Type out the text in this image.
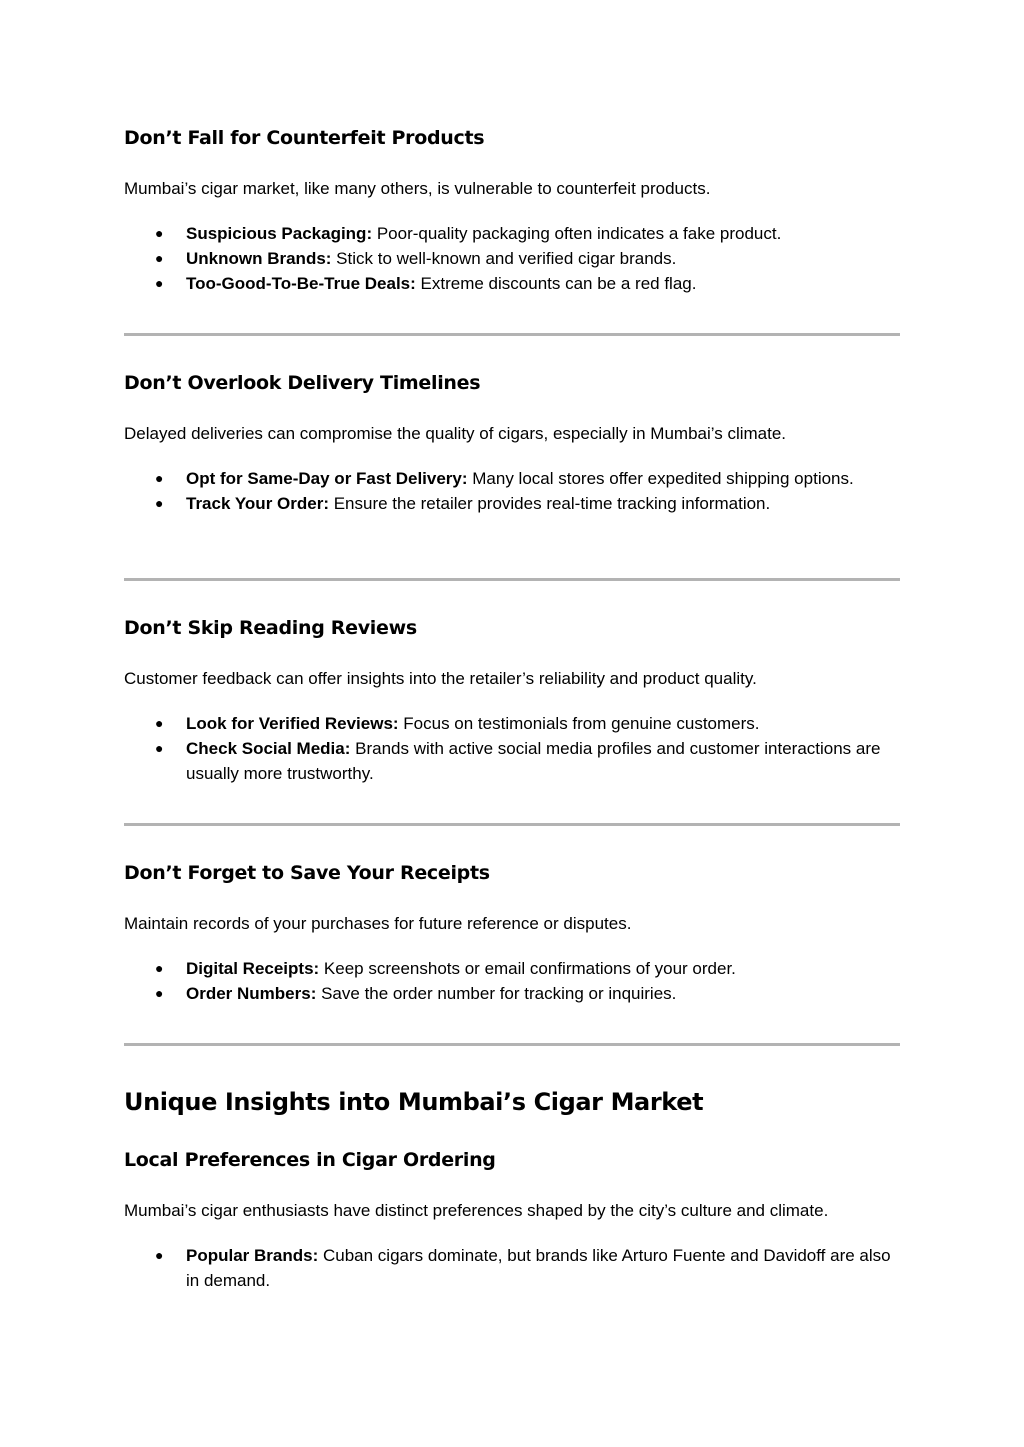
Don’t Fall for Counterfeit Products

Mumbai’s cigar market, like many others, is vulnerable to counterfeit products.

● Suspicious Packaging: Poor-quality packaging often indicates a fake product.
● Unknown Brands: Stick to well-known and verified cigar brands.
● Too-Good-To-Be-True Deals: Extreme discounts can be a red flag.
Don’t Overlook Delivery Timelines

Delayed deliveries can compromise the quality of cigars, especially in Mumbai’s climate.

● Opt for Same-Day or Fast Delivery: Many local stores offer expedited shipping options.
● Track Your Order: Ensure the retailer provides real-time tracking information.
Don’t Skip Reading Reviews

Customer feedback can offer insights into the retailer’s reliability and product quality.

● Look for Verified Reviews: Focus on testimonials from genuine customers.
● Check Social Media: Brands with active social media profiles and customer interactions are usually more trustworthy.
Don’t Forget to Save Your Receipts

Maintain records of your purchases for future reference or disputes.

● Digital Receipts: Keep screenshots or email confirmations of your order.
● Order Numbers: Save the order number for tracking or inquiries.
Unique Insights into Mumbai’s Cigar Market
Local Preferences in Cigar Ordering

Mumbai’s cigar enthusiasts have distinct preferences shaped by the city’s culture and climate.

● Popular Brands: Cuban cigars dominate, but brands like Arturo Fuente and Davidoff are also in demand.
